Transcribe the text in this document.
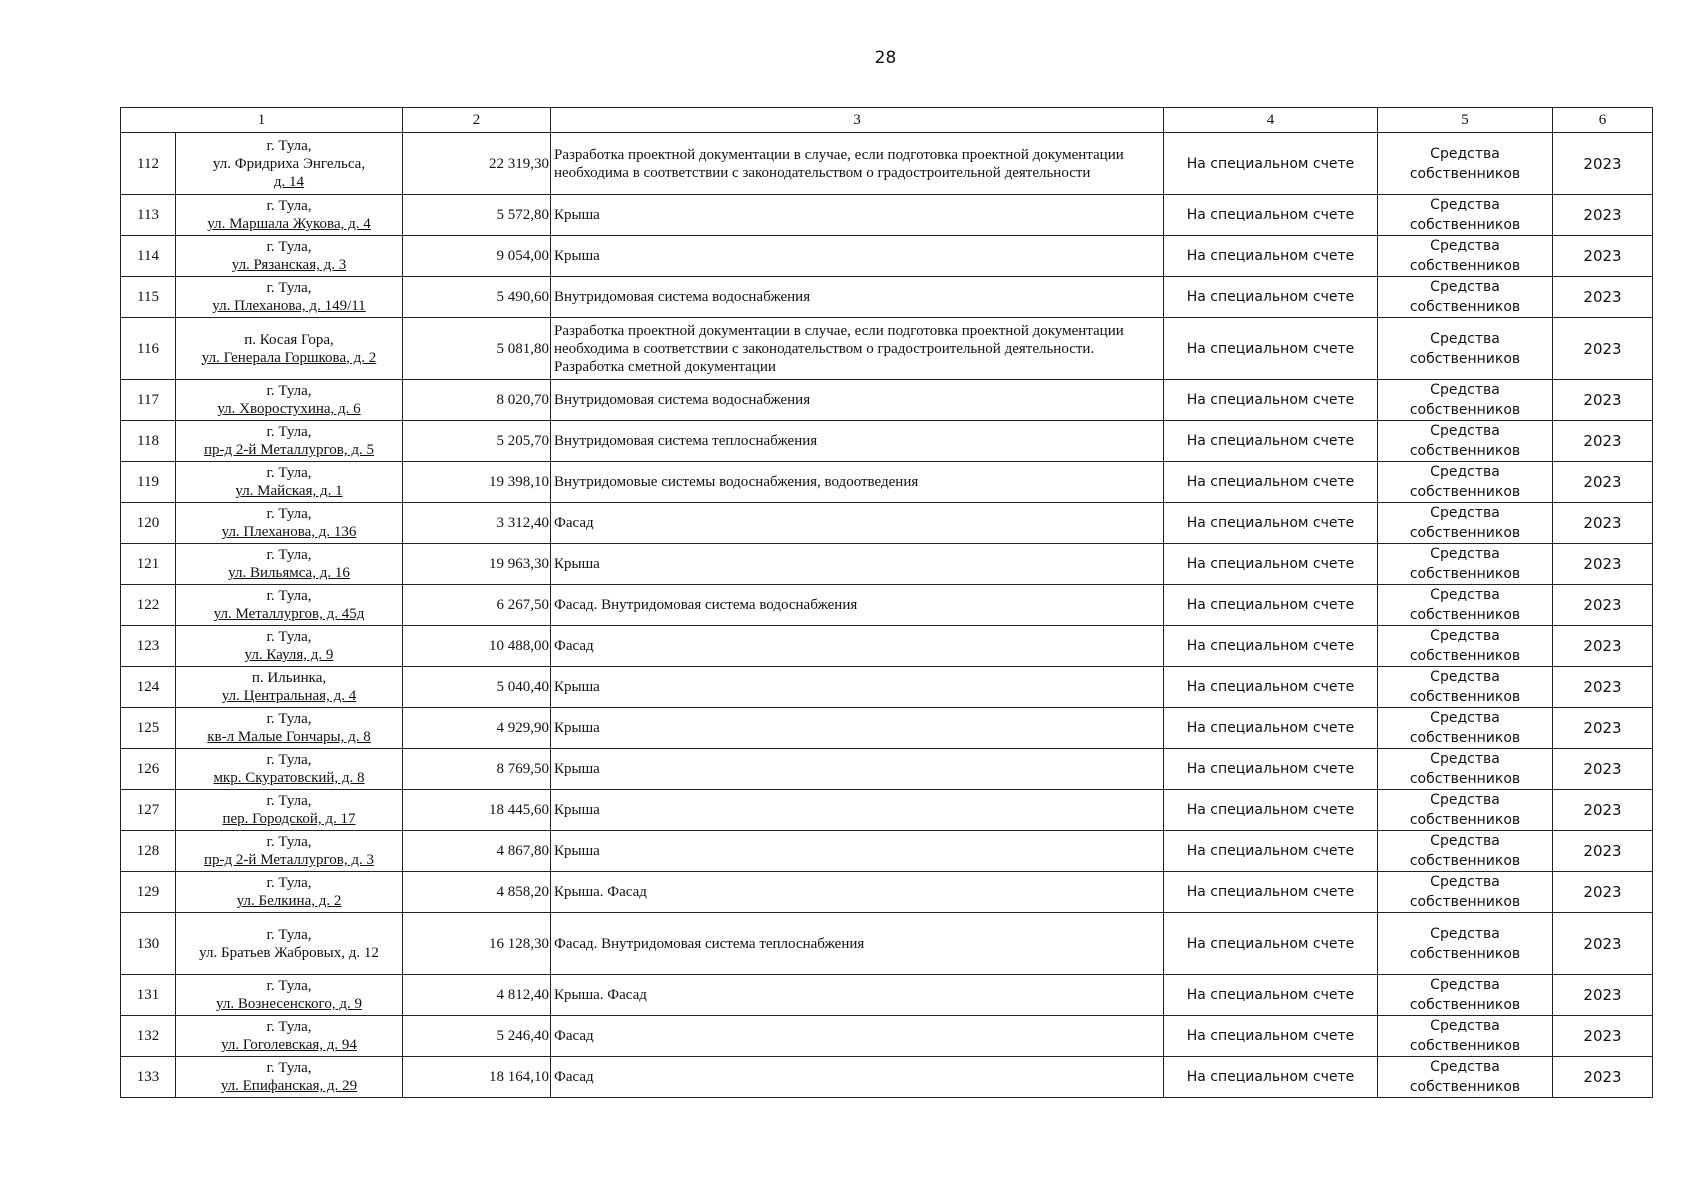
28
1		2	3	4	5	6
112	г. Тула,
ул. Фридриха Энгельса,
д. 14	22 319,30	Разработка проектной документации в случае, если подготовка проектной документации необходима в соответствии с законодательством о градостроительной деятельности	На специальном счете	Средства собственников	2023
113	г. Тула,
ул. Маршала Жукова, д. 4	5 572,80	Крыша	На специальном счете	Средства собственников	2023
114	г. Тула,
ул. Рязанская, д. 3	9 054,00	Крыша	На специальном счете	Средства собственников	2023
115	г. Тула,
ул. Плеханова, д. 149/11	5 490,60	Внутридомовая система водоснабжения	На специальном счете	Средства собственников	2023
116	п. Косая Гора,
ул. Генерала Горшкова, д. 2	5 081,80	Разработка проектной документации в случае, если подготовка проектной документации необходима в соответствии с законодательством о градостроительной деятельности. Разработка сметной документации	На специальном счете	Средства собственников	2023
117	г. Тула,
ул. Хворостухина, д. 6	8 020,70	Внутридомовая система водоснабжения	На специальном счете	Средства собственников	2023
118	г. Тула,
пр-д 2-й Металлургов, д. 5	5 205,70	Внутридомовая система теплоснабжения	На специальном счете	Средства собственников	2023
119	г. Тула,
ул. Майская, д. 1	19 398,10	Внутридомовые системы водоснабжения, водоотведения	На специальном счете	Средства собственников	2023
120	г. Тула,
ул. Плеханова, д. 136	3 312,40	Фасад	На специальном счете	Средства собственников	2023
121	г. Тула,
ул. Вильямса, д. 16	19 963,30	Крыша	На специальном счете	Средства собственников	2023
122	г. Тула,
ул. Металлургов, д. 45д	6 267,50	Фасад. Внутридомовая система водоснабжения	На специальном счете	Средства собственников	2023
123	г. Тула,
ул. Кауля, д. 9	10 488,00	Фасад	На специальном счете	Средства собственников	2023
124	п. Ильинка,
ул. Центральная, д. 4	5 040,40	Крыша	На специальном счете	Средства собственников	2023
125	г. Тула,
кв-л Малые Гончары, д. 8	4 929,90	Крыша	На специальном счете	Средства собственников	2023
126	г. Тула,
мкр. Скуратовский, д. 8	8 769,50	Крыша	На специальном счете	Средства собственников	2023
127	г. Тула,
пер. Городской, д. 17	18 445,60	Крыша	На специальном счете	Средства собственников	2023
128	г. Тула,
пр-д 2-й Металлургов, д. 3	4 867,80	Крыша	На специальном счете	Средства собственников	2023
129	г. Тула,
ул. Белкина, д. 2	4 858,20	Крыша. Фасад	На специальном счете	Средства собственников	2023
130	г. Тула,
ул. Братьев Жабровых, д. 12	16 128,30	Фасад. Внутридомовая система теплоснабжения	На специальном счете	Средства собственников	2023
131	г. Тула,
ул. Вознесенского, д. 9	4 812,40	Крыша. Фасад	На специальном счете	Средства собственников	2023
132	г. Тула,
ул. Гоголевская, д. 94	5 246,40	Фасад	На специальном счете	Средства собственников	2023
133	г. Тула,
ул. Епифанская, д. 29	18 164,10	Фасад	На специальном счете	Средства собственников	2023
